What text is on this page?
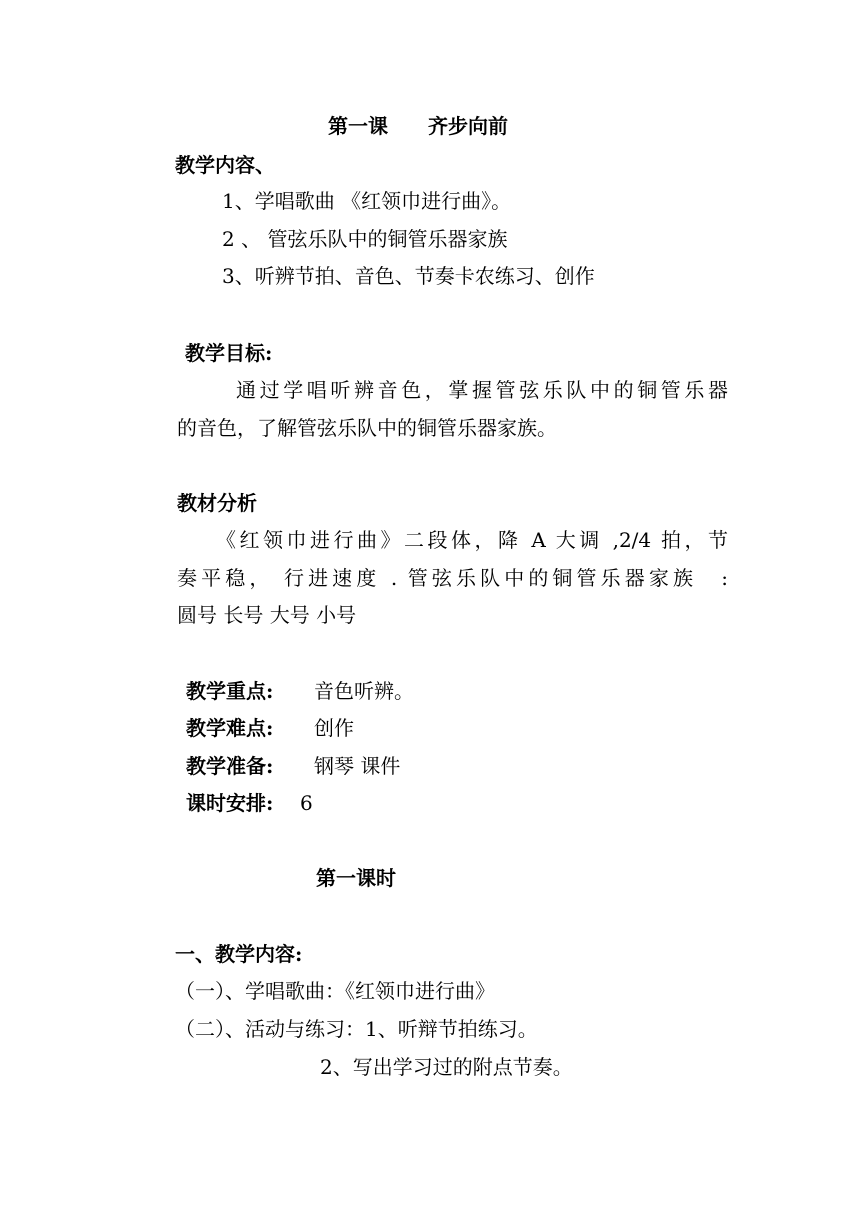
第一课　　齐步向前
教学内容、
1、学唱歌曲 《红领巾进行曲》。
2 、 管弦乐队中的铜管乐器家族
3、听辨节拍、音色、节奏卡农练习、创作
教学目标:
通过学唱听辨音色，掌握管弦乐队中的铜管乐器
的音色，了解管弦乐队中的铜管乐器家族。
教材分析
《红领巾进行曲》二段体，降 A 大调 ,2/4 拍，节
奏平稳， 行进速度 . 管弦乐队中的铜管乐器家族　:
圆号 长号 大号 小号
教学重点: 音色听辨。
教学难点: 创作
教学准备: 钢琴 课件
课时安排: 6
第一课时
一、教学内容:
（一）、学唱歌曲：《红领巾进行曲》
（二）、活动与练习：1、听辩节拍练习。
2、写出学习过的附点节奏。
